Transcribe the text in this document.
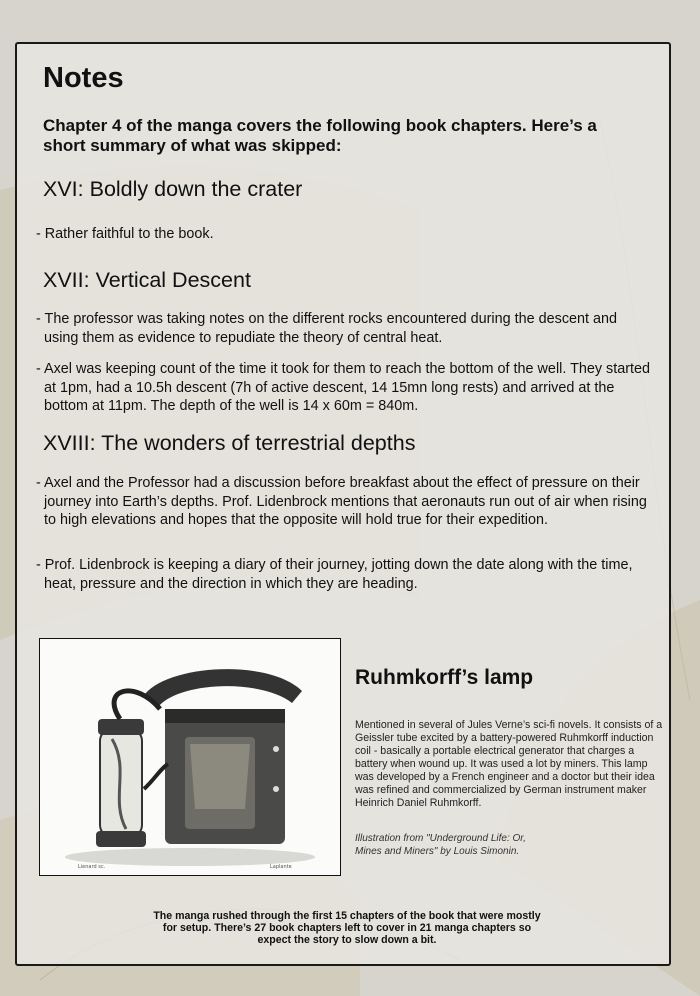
Notes

Chapter 4 of the manga covers the following book chapters. Here’s a short summary of what was skipped:

XVI: Boldly down the crater

- Rather faithful to the book.

XVII: Vertical Descent

- The professor was taking notes on the different rocks encountered during the descent and using them as evidence to repudiate the theory of central heat.

- Axel was keeping count of the time it took for them to reach the bottom of the well. They started at 1pm, had a 10.5h descent (7h of active descent, 14 15mn long rests) and arrived at the bottom at 11pm. The depth of the well is 14 x 60m = 840m.

XVIII: The wonders of terrestrial depths

- Axel and the Professor had a discussion before breakfast about the effect of pressure on their journey into Earth’s depths. Prof. Lidenbrock mentions that aeronauts run out of air when rising to high elevations and hopes that the opposite will hold true for their expedition.

- Prof. Lidenbrock is keeping a diary of their journey, jotting down the date along with the time, heat, pressure and the direction in which they are heading.

Lienard sc.	Laplante
Ruhmkorff’s lamp

Mentioned in several of Jules Verne’s sci-fi novels. It consists of a Geissler tube excited by a battery-powered Ruhmkorff induction coil - basically a portable electrical generator that charges a battery when wound up. It was used a lot by miners. This lamp was developed by a French engineer and a doctor but their idea was refined and commercialized by German instrument maker Heinrich Daniel Ruhmkorff.

Illustration from "Underground Life: Or, Mines and Miners" by Louis Simonin.

The manga rushed through the first 15 chapters of the book that were mostly for setup. There’s 27 book chapters left to cover in 21 manga chapters so expect the story to slow down a bit.
